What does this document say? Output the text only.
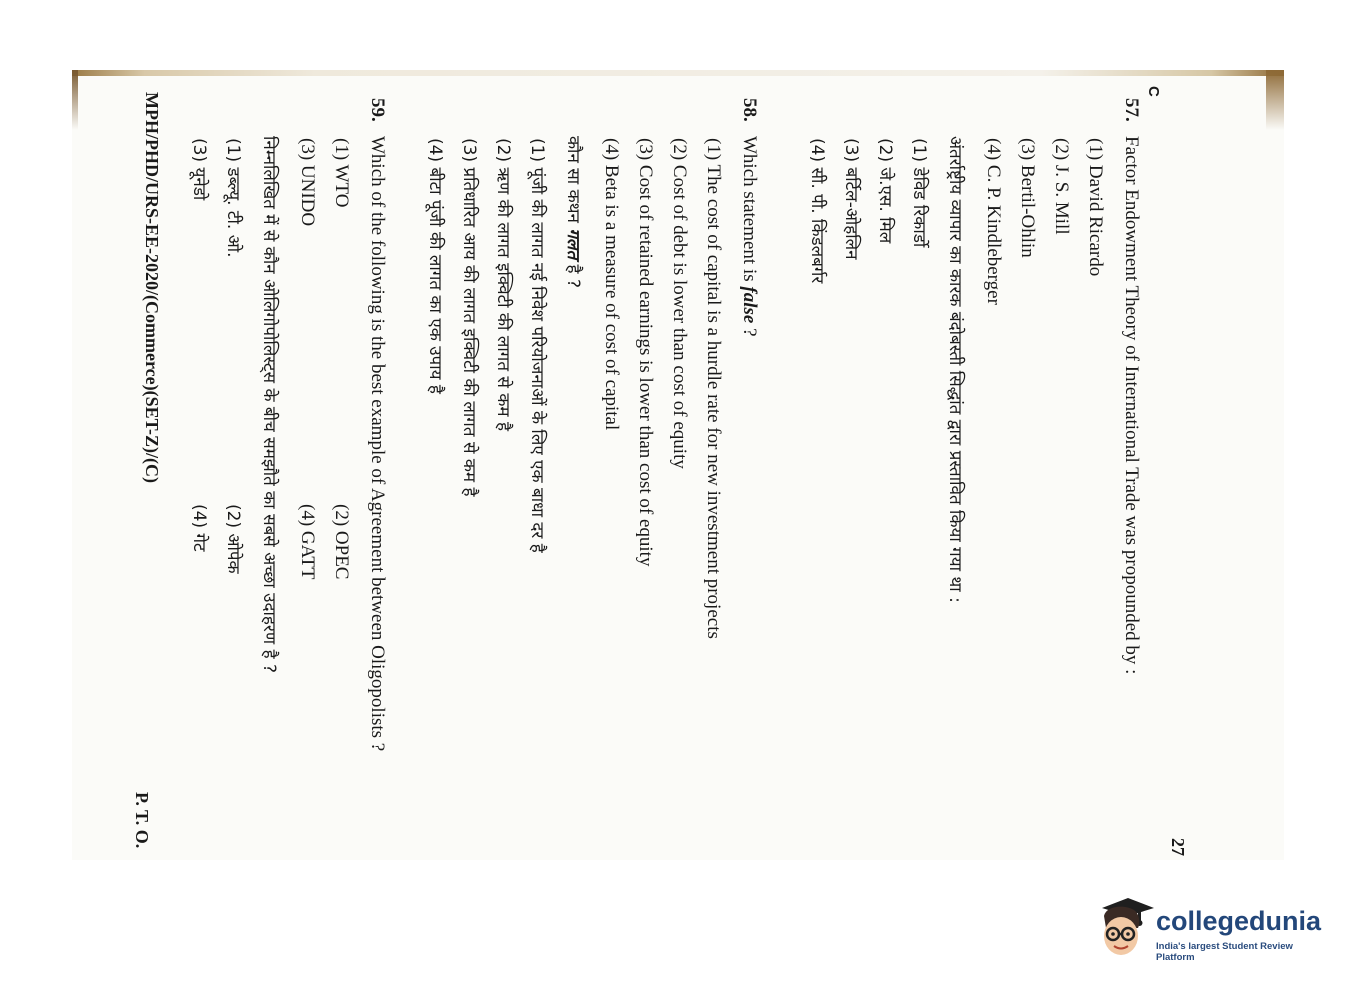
C
27
57.
Factor Endowment Theory of International Trade was propounded by :
(1) David Ricardo
(2) J. S. Mill
(3) Bertil-Ohlin
(4) C. P. Kindleberger
अंतर्राष्ट्रीय व्यापार का कारक बंदोबस्ती सिद्धांत द्वारा प्रस्तावित किया गया था :
(1) डेविड रिकार्डो
(2) जे.एस. मिल
(3) बर्टिल-ओहलिन
(4) सी. पी. किंडलबर्गर
58.
Which statement is false ?
(1) The cost of capital is a hurdle rate for new investment projects
(2) Cost of debt is lower than cost of equity
(3) Cost of retained earnings is lower than cost of equity
(4) Beta is a measure of cost of capital
कौन सा कथन गलत है ?
(1) पूंजी की लागत नई निवेश परियोजनाओं के लिए एक बाधा दर है
(2) ऋण की लागत इक्विटी की लागत से कम है
(3) प्रतिधारित आय की लागत इक्विटी की लागत से कम है
(4) बीटा पूंजी की लागत का एक उपाय है
59.
Which of the following is the best example of Agreement between Oligopolists ?
(1) WTO
(2) OPEC
(3) UNIDO
(4) GATT
निम्नलिखित में से कौन ओलिगोपोलिस्ट्स के बीच समझौते का सबसे अच्छा उदाहरण है ?
(1) डब्ल्यू. टी. ओ.
(2) ओपेक
(3) यूनेडो
(4) गेट
MPH/PHD/URS-EE-2020/(Commerce)(SET-Z)/(C)
P. T. O.
collegedunia
India's largest Student Review Platform
